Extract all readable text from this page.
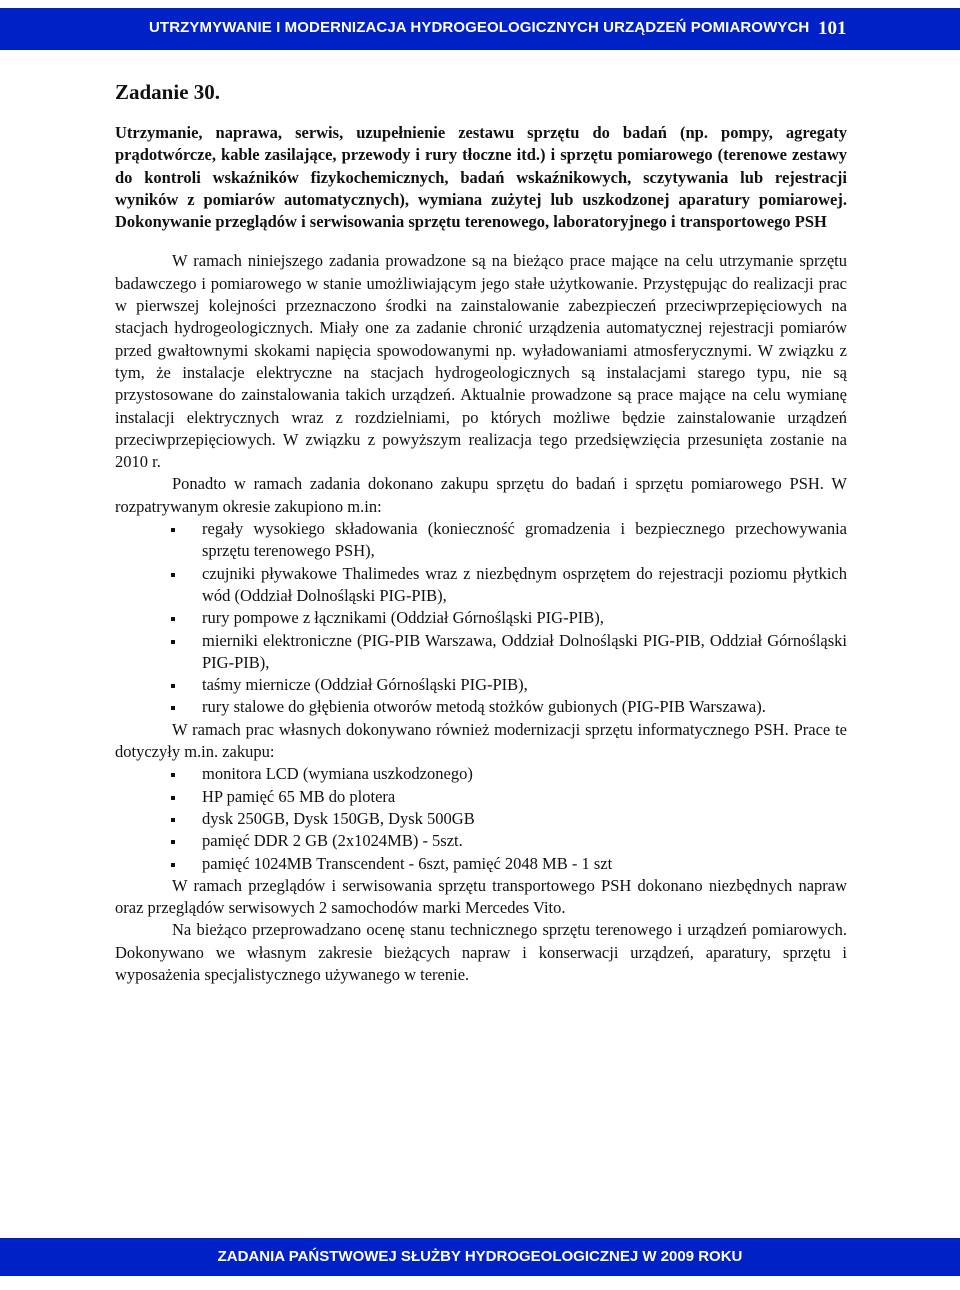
UTRZYMYWANIE I MODERNIZACJA HYDROGEOLOGICZNYCH URZĄDZEŃ POMIAROWYCH 101
Zadanie 30.

Utrzymanie, naprawa, serwis, uzupełnienie zestawu sprzętu do badań (np. pompy, agregaty prądotwórcze, kable zasilające, przewody i rury tłoczne itd.) i sprzętu pomiarowego (terenowe zestawy do kontroli wskaźników fizykochemicznych, badań wskaźnikowych, sczytywania lub rejestracji wyników z pomiarów automatycznych), wymiana zużytej lub uszkodzonej aparatury pomiarowej. Dokonywanie przeglądów i serwisowania sprzętu terenowego, laboratoryjnego i transportowego PSH

W ramach niniejszego zadania prowadzone są na bieżąco prace mające na celu utrzymanie sprzętu badawczego i pomiarowego w stanie umożliwiającym jego stałe użytkowanie. Przystępując do realizacji prac w pierwszej kolejności przeznaczono środki na zainstalowanie zabezpieczeń przeciwprzepięciowych na stacjach hydrogeologicznych. Miały one za zadanie chronić urządzenia automatycznej rejestracji pomiarów przed gwałtownymi skokami napięcia spowodowanymi np. wyładowaniami atmosferycznymi. W związku z tym, że instalacje elektryczne na stacjach hydrogeologicznych są instalacjami starego typu, nie są przystosowane do zainstalowania takich urządzeń. Aktualnie prowadzone są prace mające na celu wymianę instalacji elektrycznych wraz z rozdzielniami, po których możliwe będzie zainstalowanie urządzeń przeciwprzepięciowych. W związku z powyższym realizacja tego przedsięwzięcia przesunięta zostanie na 2010 r.

Ponadto w ramach zadania dokonano zakupu sprzętu do badań i sprzętu pomiarowego PSH. W rozpatrywanym okresie zakupiono m.in:

regały wysokiego składowania (konieczność gromadzenia i bezpiecznego przechowywania sprzętu terenowego PSH),
czujniki pływakowe Thalimedes wraz z niezbędnym osprzętem do rejestracji poziomu płytkich wód (Oddział Dolnośląski PIG-PIB),
rury pompowe z łącznikami (Oddział Górnośląski PIG-PIB),
mierniki elektroniczne (PIG-PIB Warszawa, Oddział Dolnośląski PIG-PIB, Oddział Górnośląski PIG-PIB),
taśmy miernicze (Oddział Górnośląski PIG-PIB),
rury stalowe do głębienia otworów metodą stożków gubionych (PIG-PIB Warszawa).

W ramach prac własnych dokonywano również modernizacji sprzętu informatycznego PSH. Prace te dotyczyły m.in. zakupu:

monitora LCD (wymiana uszkodzonego)
HP pamięć 65 MB do plotera
dysk 250GB, Dysk 150GB, Dysk 500GB
pamięć DDR 2 GB (2x1024MB) - 5szt.
pamięć 1024MB Transcendent - 6szt, pamięć 2048 MB - 1 szt

W ramach przeglądów i serwisowania sprzętu transportowego PSH dokonano niezbędnych napraw oraz przeglądów serwisowych 2 samochodów marki Mercedes Vito.

Na bieżąco przeprowadzano ocenę stanu technicznego sprzętu terenowego i urządzeń pomiarowych. Dokonywano we własnym zakresie bieżących napraw i konserwacji urządzeń, aparatury, sprzętu i wyposażenia specjalistycznego używanego w terenie.

ZADANIA PAŃSTWOWEJ SŁUŻBY HYDROGEOLOGICZNEJ W 2009 ROKU
